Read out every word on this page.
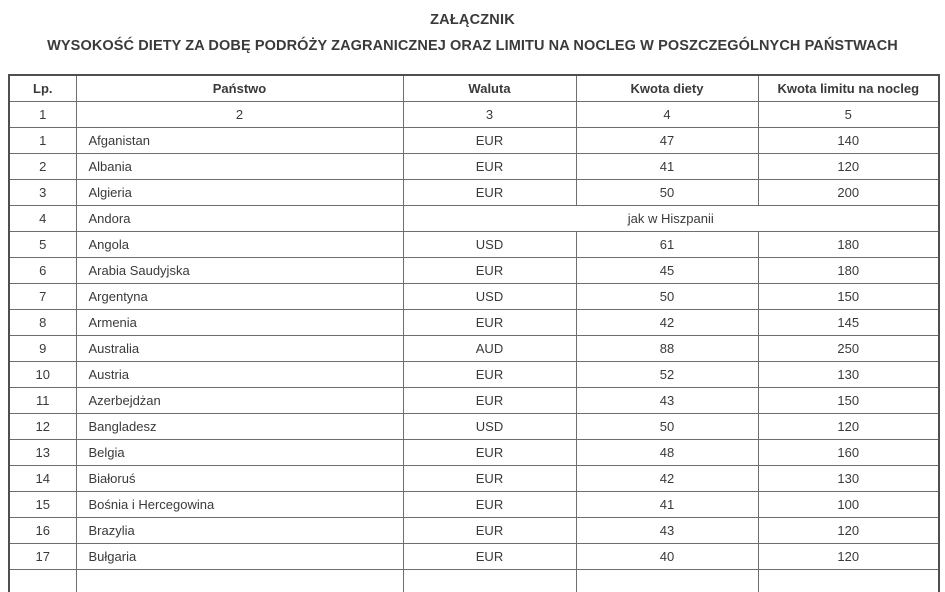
ZAŁĄCZNIK
WYSOKOŚĆ DIETY ZA DOBĘ PODRÓŻY ZAGRANICZNEJ ORAZ LIMITU NA NOCLEG W POSZCZEGÓLNYCH PAŃSTWACH
Lp.	Państwo	Waluta	Kwota diety	Kwota limitu na nocleg
1	2	3	4	5
1	Afganistan	EUR	47	140
2	Albania	EUR	41	120
3	Algieria	EUR	50	200
4	Andora	jak w Hiszpanii		
5	Angola	USD	61	180
6	Arabia Saudyjska	EUR	45	180
7	Argentyna	USD	50	150
8	Armenia	EUR	42	145
9	Australia	AUD	88	250
10	Austria	EUR	52	130
11	Azerbejdżan	EUR	43	150
12	Bangladesz	USD	50	120
13	Belgia	EUR	48	160
14	Białoruś	EUR	42	130
15	Bośnia i Hercegowina	EUR	41	100
16	Brazylia	EUR	43	120
17	Bułgaria	EUR	40	120
